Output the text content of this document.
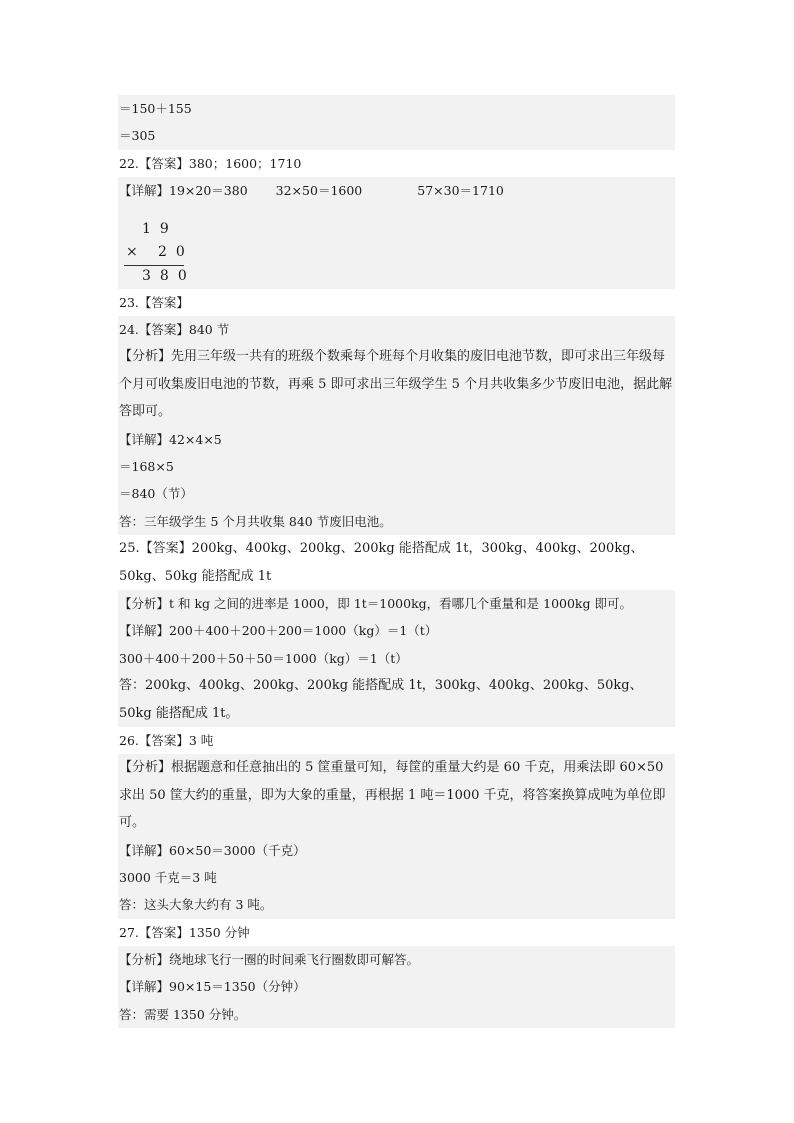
＝150＋155
＝305
22.【答案】380；1600；1710
【详解】19×20＝380 32×50＝1600	57×30＝1710
19
× 20
380
23.【答案】
24.【答案】840 节
【分析】先用三年级一共有的班级个数乘每个班每个月收集的废旧电池节数，即可求出三年级每个月可收集废旧电池的节数，再乘 5 即可求出三年级学生 5 个月共收集多少节废旧电池，据此解答即可。
【详解】42×4×5
＝168×5
＝840（节）
答：三年级学生 5 个月共收集 840 节废旧电池。
25.【答案】200kg、400kg、200kg、200kg 能搭配成 1t，300kg、400kg、200kg、50kg、50kg 能搭配成 1t
【分析】t 和 kg 之间的进率是 1000，即 1t＝1000kg，看哪几个重量和是 1000kg 即可。
【详解】200＋400＋200＋200＝1000（kg）＝1（t）
300＋400＋200＋50＋50＝1000（kg）＝1（t）
答：200kg、400kg、200kg、200kg 能搭配成 1t，300kg、400kg、200kg、50kg、50kg 能搭配成 1t。
26.【答案】3 吨
【分析】根据题意和任意抽出的 5 筐重量可知，每筐的重量大约是 60 千克，用乘法即 60×50 求出 50 筐大约的重量，即为大象的重量，再根据 1 吨＝1000 千克，将答案换算成吨为单位即可。
【详解】60×50＝3000（千克）
3000 千克＝3 吨
答：这头大象大约有 3 吨。
27.【答案】1350 分钟
【分析】绕地球飞行一圈的时间乘飞行圈数即可解答。
【详解】90×15＝1350（分钟）
答：需要 1350 分钟。
